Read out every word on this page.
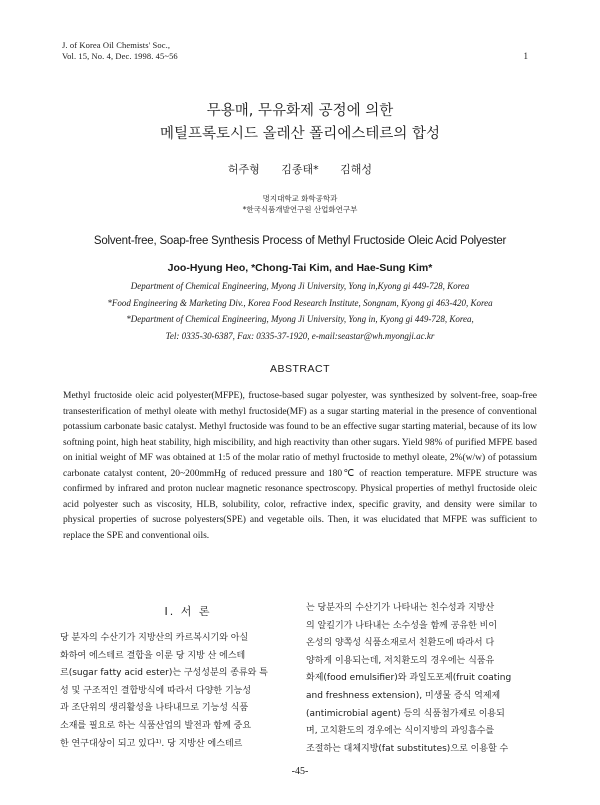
J. of Korea Oil Chemists' Soc.,
Vol. 15, No. 4, Dec. 1998. 45~56	1
무용매, 무유화제 공정에 의한
메틸프록토시드 올레산 폴리에스테르의 합성
허주형 김종태* 김해성
명지대학교 화학공학과
*한국식품개발연구원 산업화연구부
Solvent-free, Soap-free Synthesis Process of Methyl Fructoside Oleic Acid Polyester
Joo-Hyung Heo, *Chong-Tai Kim, and Hae-Sung Kim*
Department of Chemical Engineering, Myong Ji University, Yong in,Kyong gi 449-728, Korea
*Food Engineering & Marketing Div., Korea Food Research Institute, Songnam, Kyong gi 463-420, Korea
*Department of Chemical Engineering, Myong Ji University, Yong in, Kyong gi 449-728, Korea,
Tel: 0335-30-6387, Fax: 0335-37-1920, e-mail:seastar@wh.myongji.ac.kr
ABSTRACT
Methyl fructoside oleic acid polyester(MFPE), fructose-based sugar polyester, was synthesized by solvent-free, soap-free transesterification of methyl oleate with methyl fructoside(MF) as a sugar starting material in the presence of conventional potassium carbonate basic catalyst. Methyl fructoside was found to be an effective sugar starting material, because of its low softning point, high heat stability, high miscibility, and high reactivity than other sugars. Yield 98% of purified MFPE based on initial weight of MF was obtained at 1:5 of the molar ratio of methyl fructoside to methyl oleate, 2%(w/w) of potassium carbonate catalyst content, 20~200mmHg of reduced pressure and 180℃ of reaction temperature. MFPE structure was confirmed by infrared and proton nuclear magnetic resonance spectroscopy. Physical properties of methyl fructoside oleic acid polyester such as viscosity, HLB, solubility, color, refractive index, specific gravity, and density were similar to physical properties of sucrose polyesters(SPE) and vegetable oils. Then, it was elucidated that MFPE was sufficient to replace the SPE and conventional oils.
I. 서 론
당 분자의 수산기가 지방산의 카르복시기와 아실
화하여 에스테르 결합을 이룬 당 지방 산 에스테
르(sugar fatty acid ester)는 구성성분의 종류와 특
성 및 구조적인 결합방식에 따라서 다양한 기능성
과 조단위의 생리활성을 나타내므로 기능성 식품
소재를 필요로 하는 식품산업의 발전과 함께 중요
한 연구대상이 되고 있다¹⁾. 당 지방산 에스테르
는 당분자의 수산기가 나타내는 친수성과 지방산
의 알킬기가 나타내는 소수성을 함께 공유한 비이
온성의 양쪽성 식품소재로서 친환도에 따라서 다
양하게 이용되는데, 저치환도의 경우에는 식품유
화제(food emulsifier)와 과일도포제(fruit coating
and freshness extension), 미생물 증식 억제제
(antimicrobial agent) 등의 식품첨가제로 이용되
며, 고치환도의 경우에는 식이지방의 과잉흡수를
조절하는 대체지방(fat substitutes)으로 이용할 수
-45-
